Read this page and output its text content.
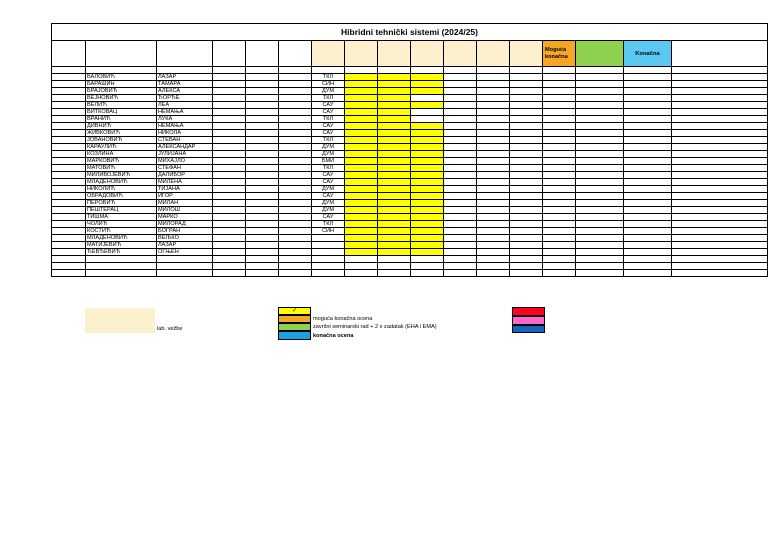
Hibridni tehnički sistemi (2024/25)																
													Moguća
konačna		Konačna	

	БАЛОВИЋ	ЛАЗАР				ТКЛ										
	БАРАШИН	ТАМАРА				СИН										
	БРАЈОВИЋ	АЛЕКСА				ДУМ										
	ВЕЈНОВИЋ	ЂОРЂЕ				ТКЛ										
	ВЕЛИЋ	ЛЕА				САУ										
	ВИТКОВАЦ	НЕМАЊА				САУ										
	ВРАНИЋ	ЛУКА				ТКЛ										
	ДИВНИЋ	НЕМАЊА				САУ										
	ЖИВКОВИЋ	НИКОЛА				САУ										
	ЈОВАНОВИЋ	СТЕВАН				ТКЛ										
	КАРАУЛИЋ	АЛЕКСАНДАР				ДУМ										
	КОЗЛИНА	ЈУЛИЈАНА				ДУМ										
	МАРКОВИЋ	МИХАЈЛО				БМИ										
	МАТОВИЋ	СТЕФАН				ТКЛ										
	МИЛИВОЈЕВИЋ	ДАЛИБОР				САУ										
	МЛАДЕНОВИЋ	МИЛЕНА				САУ										
	НИКОЛИЋ	ТИЈАНА				ДУМ										
	ОБРАДОВИЋ	ИГОР				САУ										
	ПЕРОВИЋ	МИЛАН				ДУМ										
	ПЕШТЕРАЦ	МИЛОШ				ДУМ										
	ТИШМА	МАРКО				САУ										
	ЧОЛИЋ	МИЛОРАД				ТКЛ										
	КОСТИЋ	БОГРАН				СИН										
	МЛАДЕНОВИЋ	ВЕЉКО														
	МАТИЈЕВИЋ	ЛАЗАР														
	ЂЕВЂЕВИЋ	ОГЊЕН														

lab. vežbe
✓
moguća konačna ocena
završni seminarski rad + 2 x zadatak (EHA i EMA)
konačna ocena
